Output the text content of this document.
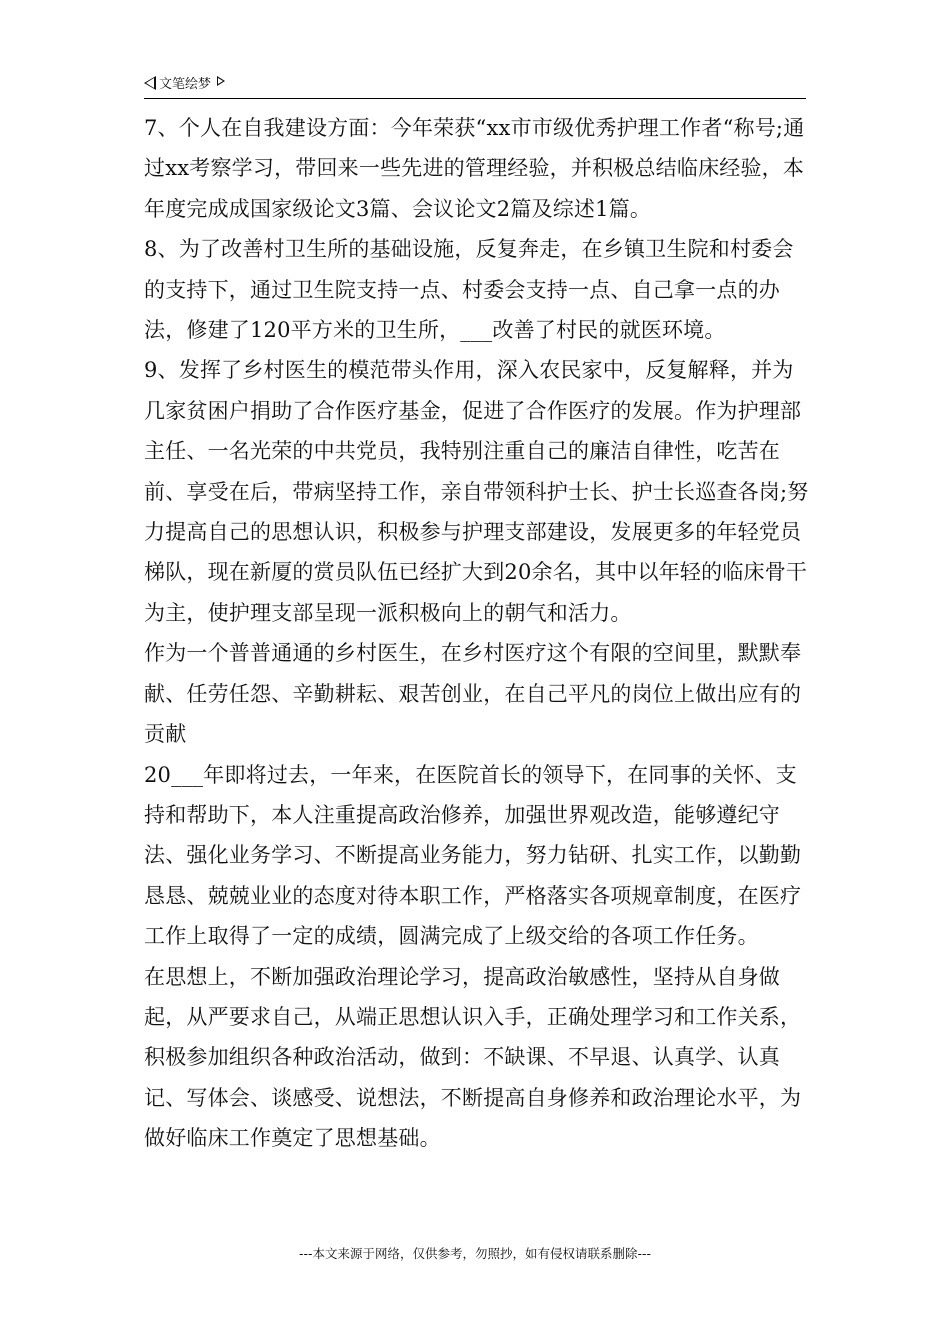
文笔绘梦

7、个人在自我建设方面：今年荣获“xx市市级优秀护理工作者“称号;通过xx考察学习，带回来一些先进的管理经验，并积极总结临床经验，本年度完成成国家级论文3篇、会议论文2篇及综述1篇。

8、为了改善村卫生所的基础设施，反复奔走，在乡镇卫生院和村委会的支持下，通过卫生院支持一点、村委会支持一点、自己拿一点的办法，修建了120平方米的卫生所，___改善了村民的就医环境。

9、发挥了乡村医生的模范带头作用，深入农民家中，反复解释，并为几家贫困户捐助了合作医疗基金，促进了合作医疗的发展。作为护理部主任、一名光荣的中共党员，我特别注重自己的廉洁自律性，吃苦在前、享受在后，带病坚持工作，亲自带领科护士长、护士长巡查各岗;努力提高自己的思想认识，积极参与护理支部建设，发展更多的年轻党员梯队，现在新厦的赏员队伍已经扩大到20余名，其中以年轻的临床骨干为主，使护理支部呈现一派积极向上的朝气和活力。

作为一个普普通通的乡村医生，在乡村医疗这个有限的空间里，默默奉献、任劳任怨、辛勤耕耘、艰苦创业，在自己平凡的岗位上做出应有的贡献

20___年即将过去，一年来，在医院首长的领导下，在同事的关怀、支持和帮助下，本人注重提高政治修养，加强世界观改造，能够遵纪守法、强化业务学习、不断提高业务能力，努力钻研、扎实工作，以勤勤恳恳、兢兢业业的态度对待本职工作，严格落实各项规章制度，在医疗工作上取得了一定的成绩，圆满完成了上级交给的各项工作任务。

在思想上，不断加强政治理论学习，提高政治敏感性，坚持从自身做起，从严要求自己，从端正思想认识入手，正确处理学习和工作关系，积极参加组织各种政治活动，做到：不缺课、不早退、认真学、认真记、写体会、谈感受、说想法，不断提高自身修养和政治理论水平，为做好临床工作奠定了思想基础。

---本文来源于网络，仅供参考，勿照抄，如有侵权请联系删除---
